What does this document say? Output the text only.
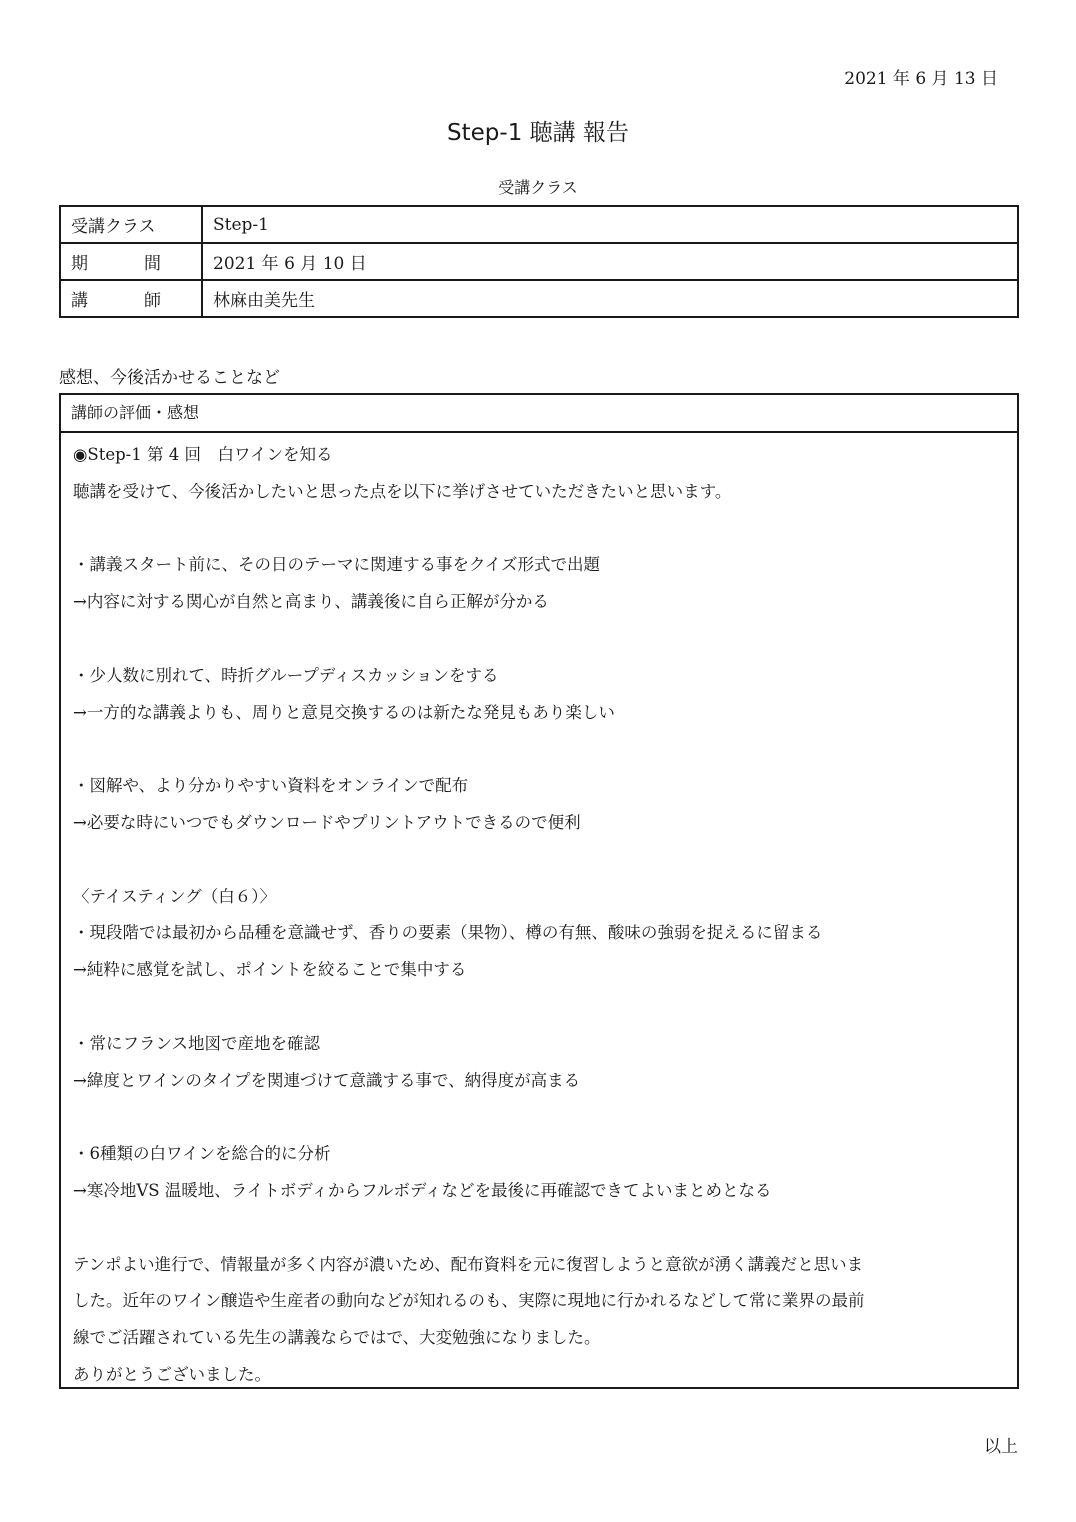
2021 年 6 月 13 日
Step-1 聴講 報告
受講クラス
受講クラス	Step-1

期 間	2021 年 6 月 10 日

講 師	林麻由美先生
感想、今後活かせることなど
講師の評価・感想
◉Step-1 第 4 回　白ワインを知る
聴講を受けて、今後活かしたいと思った点を以下に挙げさせていただきたいと思います。
・講義スタート前に、その日のテーマに関連する事をクイズ形式で出題
→内容に対する関心が自然と高まり、講義後に自ら正解が分かる
・少人数に別れて、時折グループディスカッションをする
→一方的な講義よりも、周りと意見交換するのは新たな発見もあり楽しい
・図解や、より分かりやすい資料をオンラインで配布
→必要な時にいつでもダウンロードやプリントアウトできるので便利
〈テイスティング（白６）〉
・現段階では最初から品種を意識せず、香りの要素（果物）、樽の有無、酸味の強弱を捉えるに留まる
→純粋に感覚を試し、ポイントを絞ることで集中する
・常にフランス地図で産地を確認
→緯度とワインのタイプを関連づけて意識する事で、納得度が高まる
・6種類の白ワインを総合的に分析
→寒冷地VS 温暖地、ライトボディからフルボディなどを最後に再確認できてよいまとめとなる
テンポよい進行で、情報量が多く内容が濃いため、配布資料を元に復習しようと意欲が湧く講義だと思いま
した。近年のワイン醸造や生産者の動向などが知れるのも、実際に現地に行かれるなどして常に業界の最前
線でご活躍されている先生の講義ならではで、大変勉強になりました。
ありがとうございました。
以上
